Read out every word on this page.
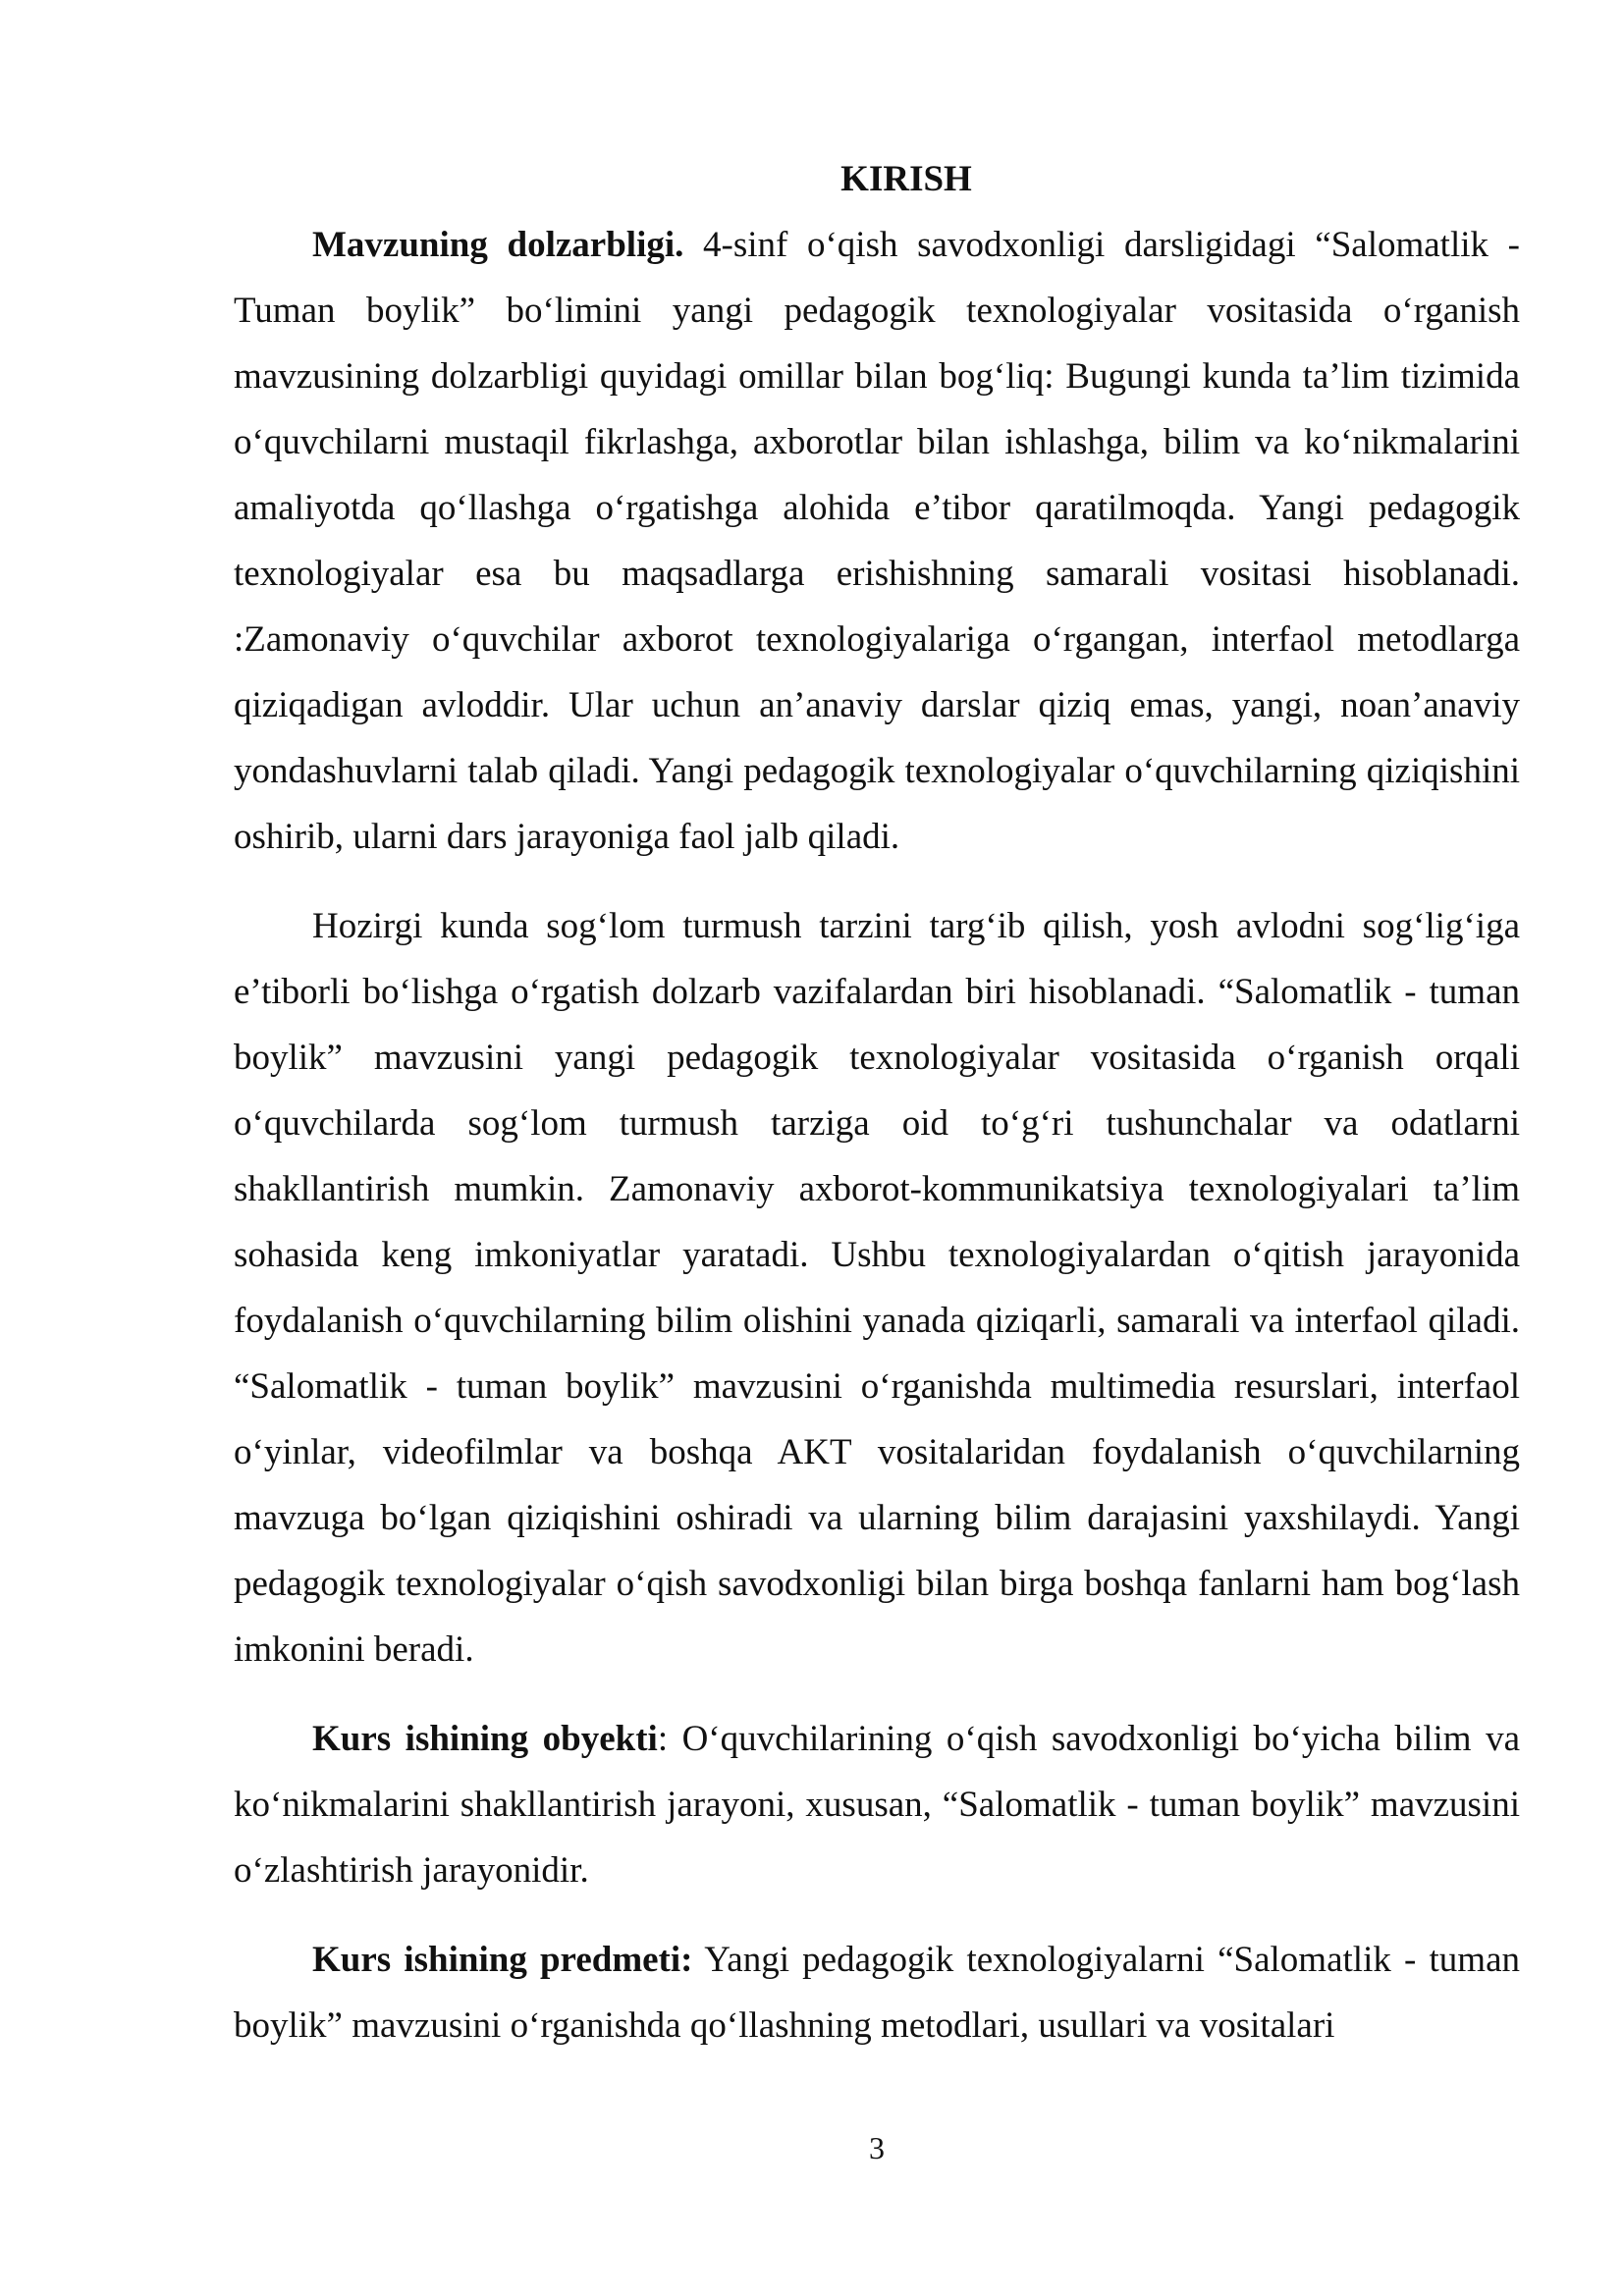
KIRISH

Mavzuning dolzarbligi. 4-sinf o‘qish savodxonligi darsligidagi “Salomatlik - Tuman boylik” bo‘limini yangi pedagogik texnologiyalar vositasida o‘rganish mavzusining dolzarbligi quyidagi omillar bilan bog‘liq: Bugungi kunda ta’lim tizimida o‘quvchilarni mustaqil fikrlashga, axborotlar bilan ishlashga, bilim va ko‘nikmalarini amaliyotda qo‘llashga o‘rgatishga alohida e’tibor qaratilmoqda. Yangi pedagogik texnologiyalar esa bu maqsadlarga erishishning samarali vositasi hisoblanadi. :Zamonaviy o‘quvchilar axborot texnologiyalariga o‘rgangan, interfaol metodlarga qiziqadigan avloddir. Ular uchun an’anaviy darslar qiziq emas, yangi, noan’anaviy yondashuvlarni talab qiladi. Yangi pedagogik texnologiyalar o‘quvchilarning qiziqishini oshirib, ularni dars jarayoniga faol jalb qiladi.

Hozirgi kunda sog‘lom turmush tarzini targ‘ib qilish, yosh avlodni sog‘lig‘iga e’tiborli bo‘lishga o‘rgatish dolzarb vazifalardan biri hisoblanadi. “Salomatlik - tuman boylik” mavzusini yangi pedagogik texnologiyalar vositasida o‘rganish orqali o‘quvchilarda sog‘lom turmush tarziga oid to‘g‘ri tushunchalar va odatlarni shakllantirish mumkin. Zamonaviy axborot-kommunikatsiya texnologiyalari ta’lim sohasida keng imkoniyatlar yaratadi. Ushbu texnologiyalardan o‘qitish jarayonida foydalanish o‘quvchilarning bilim olishini yanada qiziqarli, samarali va interfaol qiladi. “Salomatlik - tuman boylik” mavzusini o‘rganishda multimedia resurslari, interfaol o‘yinlar, videofilmlar va boshqa AKT vositalaridan foydalanish o‘quvchilarning mavzuga bo‘lgan qiziqishini oshiradi va ularning bilim darajasini yaxshilaydi. Yangi pedagogik texnologiyalar o‘qish savodxonligi bilan birga boshqa fanlarni ham bog‘lash imkonini beradi.

Kurs ishining obyekti: O‘quvchilarining o‘qish savodxonligi bo‘yicha bilim va ko‘nikmalarini shakllantirish jarayoni, xususan, “Salomatlik - tuman boylik” mavzusini o‘zlashtirish jarayonidir.

Kurs ishining predmeti: Yangi pedagogik texnologiyalarni “Salomatlik - tuman boylik” mavzusini o‘rganishda qo‘llashning metodlari, usullari va vositalari

3
